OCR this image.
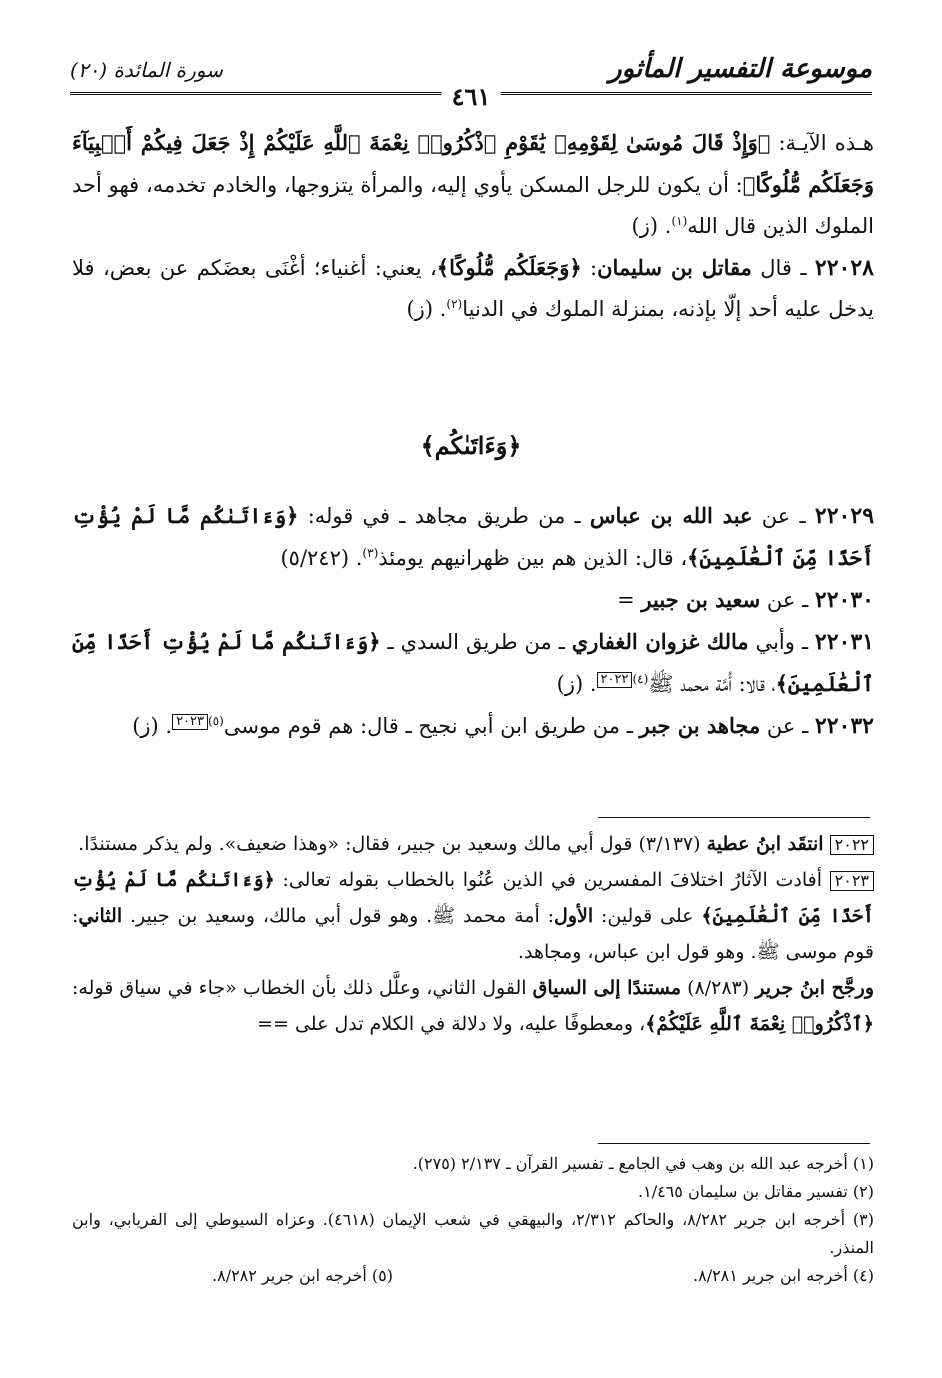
موسوعة التفسير المأثور
سورة المائدة (٢٠)
٤٦١

هـذه الآيـة: ﴿وَإِذْ قَالَ مُوسَىٰ لِقَوْمِهِۦ يَٰقَوْمِ ٱذْكُرُوا۟ نِعْمَةَ ٱللَّهِ عَلَيْكُمْ إِذْ جَعَلَ فِيكُمْ أَنۢبِيَآءَ وَجَعَلَكُم مُّلُوكًا﴾: أن يكون للرجل المسكن يأوي إليه، والمرأة يتزوجها، والخادم تخدمه، فهو أحد الملوك الذين قال الله$^{(١)}$. (ز)

٢٢٠٢٨ ـ قال مقاتل بن سليمان: ﴿وَجَعَلَكُم مُّلُوكًا﴾، يعني: أغنياء؛ أغْنَى بعضَكم عن بعض، فلا يدخل عليه أحد إلّا بإذنه، بمنزلة الملوك في الدنيا$^{(٢)}$. (ز)

﴿وَءَاتَىٰكُم﴾

٢٢٠٢٩ ـ عن عبد الله بن عباس ـ من طريق مجاهد ـ في قوله: ﴿وَءَاتَىٰكُم مَّا لَمْ يُؤْتِ أَحَدًا مِّنَ ٱلْعَٰلَمِينَ﴾، قال: الذين هم بين ظهرانيهم يومئذ$^{(٣)}$. (٥/٢٤٢)

٢٢٠٣٠ ـ عن سعيد بن جبير =

٢٢٠٣١ ـ وأبي مالك غزوان الغفاري ـ من طريق السدي ـ ﴿وَءَاتَىٰكُم مَّا لَمْ يُؤْتِ أَحَدًا مِّنَ ٱلْعَٰلَمِينَ﴾، قالا: أُمَّة محمد ﷺ$^{(٤)}$٢٠٢٢. (ز)

٢٢٠٣٢ ـ عن مجاهد بن جبر ـ من طريق ابن أبي نجيح ـ قال: هم قوم موسى$^{(٥)}$٢٠٢٣. (ز)

٢٠٢٢ انتقَد ابنُ عطية (٣/١٣٧) قول أبي مالك وسعيد بن جبير، فقال: «وهذا ضعيف». ولم يذكر مستندًا.

٢٠٢٣ أفادت الآثارُ اختلافَ المفسرين في الذين عُنُوا بالخطاب بقوله تعالى: ﴿وَءَاتَىٰكُم مَّا لَمْ يُؤْتِ أَحَدًا مِّنَ ٱلْعَٰلَمِينَ﴾ على قولين: الأول: أمة محمد ﷺ. وهو قول أبي مالك، وسعيد بن جبير. الثاني: قوم موسى ﷺ. وهو قول ابن عباس، ومجاهد.

ورجَّح ابنُ جرير (٨/٢٨٣) مستندًا إلى السياق القول الثاني، وعلَّل ذلك بأن الخطاب «جاء في سياق قوله: ﴿ٱذْكُرُوا۟ نِعْمَةَ ٱللَّهِ عَلَيْكُمْ﴾، ومعطوفًا عليه، ولا دلالة في الكلام تدل على ==

(١) أخرجه عبد الله بن وهب في الجامع ـ تفسير القرآن ـ ٢/١٣٧ (٢٧٥).

(٢) تفسير مقاتل بن سليمان ١/٤٦٥.

(٣) أخرجه ابن جرير ٨/٢٨٢، والحاكم ٢/٣١٢، والبيهقي في شعب الإيمان (٤٦١٨). وعزاه السيوطي إلى الفريابي، وابن المنذر.

(٤) أخرجه ابن جرير ٨/٢٨١.
(٥) أخرجه ابن جرير ٨/٢٨٢.
